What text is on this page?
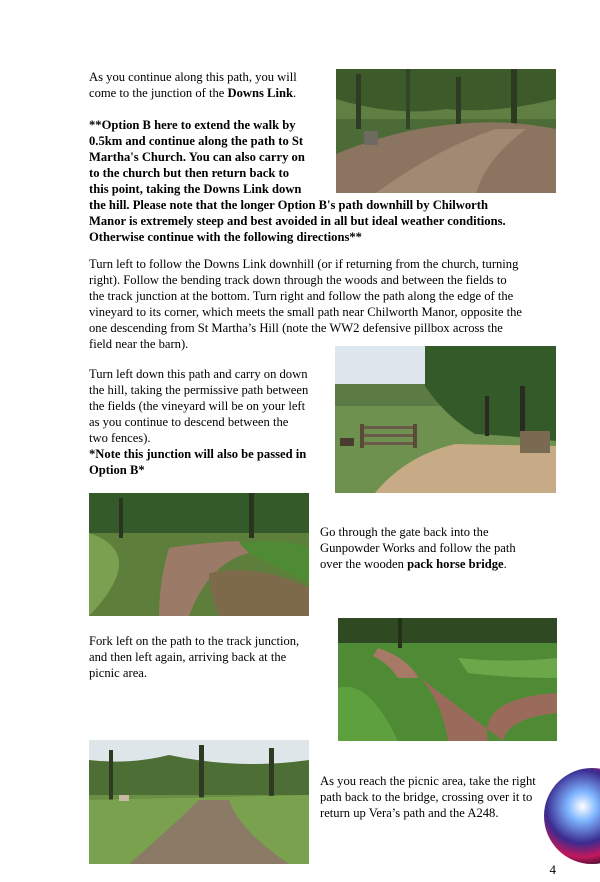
As you continue along this path, you will

come to the junction of the Downs Link.

**Option B here to extend the walk by

0.5km and continue along the path to St

Martha's Church. You can also carry on

to the church but then return back to

this point, taking the Downs Link down

the hill. Please note that the longer Option B's path downhill by Chilworth

Manor is extremely steep and best avoided in all but ideal weather conditions.

Otherwise continue with the following directions**

Turn left to follow the Downs Link downhill (or if returning from the church, turning

right). Follow the bending track down through the woods and between the fields to

the track junction at the bottom. Turn right and follow the path along the edge of the

vineyard to its corner, which meets the small path near Chilworth Manor, opposite the

one descending from St Martha’s Hill (note the WW2 defensive pillbox across the

field near the barn).

Turn left down this path and carry on down

the hill, taking the permissive path between

the fields (the vineyard will be on your left

as you continue to descend between the

two fences).

*Note this junction will also be passed in

Option B*

Go through the gate back into the

Gunpowder Works and follow the path

over the wooden pack horse bridge.

Fork left on the path to the track junction,

and then left again, arriving back at the

picnic area.

As you reach the picnic area, take the right

path back to the bridge, crossing over it to

return up Vera’s path and the A248.

4
